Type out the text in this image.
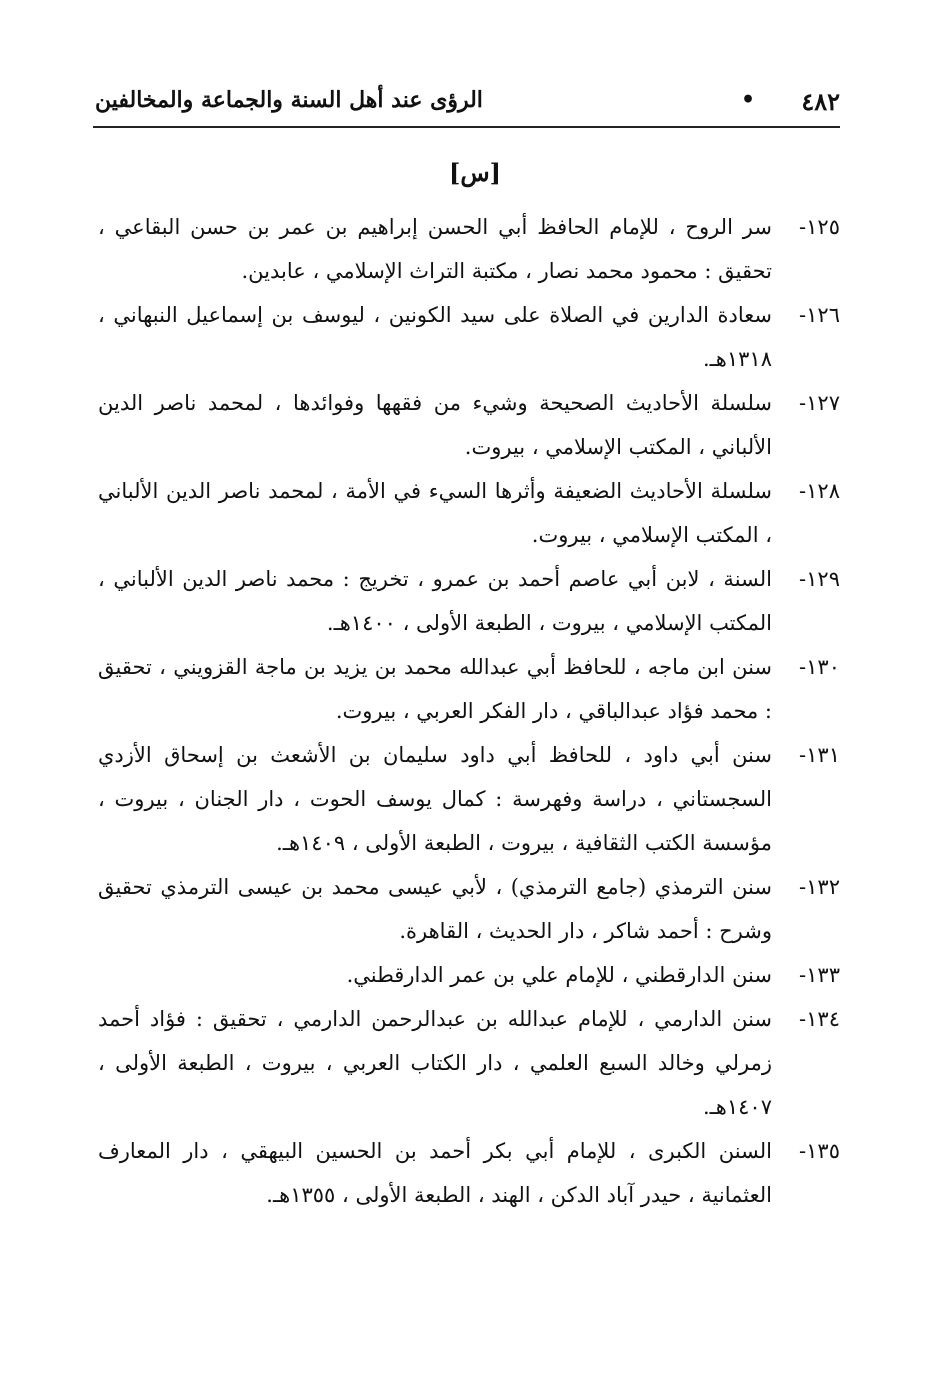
٤٨٢
•
الرؤى عند أهل السنة والجماعة والمخالفين
[س]
١٢٥-
سر الروح ، للإمام الحافظ أبي الحسن إبراهيم بن عمر بن حسن البقاعي ، تحقيق : محمود محمد نصار ، مكتبة التراث الإسلامي ، عابدين.
١٢٦-
سعادة الدارين في الصلاة على سيد الكونين ، ليوسف بن إسماعيل النبهاني ، ١٣١٨هـ.
١٢٧-
سلسلة الأحاديث الصحيحة وشيء من فقهها وفوائدها ، لمحمد ناصر الدين الألباني ، المكتب الإسلامي ، بيروت.
١٢٨-
سلسلة الأحاديث الضعيفة وأثرها السيء في الأمة ، لمحمد ناصر الدين الألباني ، المكتب الإسلامي ، بيروت.
١٢٩-
السنة ، لابن أبي عاصم أحمد بن عمرو ، تخريج : محمد ناصر الدين الألباني ، المكتب الإسلامي ، بيروت ، الطبعة الأولى ، ١٤٠٠هـ.
١٣٠-
سنن ابن ماجه ، للحافظ أبي عبدالله محمد بن يزيد بن ماجة القزويني ، تحقيق : محمد فؤاد عبدالباقي ، دار الفكر العربي ، بيروت.
١٣١-
سنن أبي داود ، للحافظ أبي داود سليمان بن الأشعث بن إسحاق الأزدي السجستاني ، دراسة وفهرسة : كمال يوسف الحوت ، دار الجنان ، بيروت ، مؤسسة الكتب الثقافية ، بيروت ، الطبعة الأولى ، ١٤٠٩هـ.
١٣٢-
سنن الترمذي (جامع الترمذي) ، لأبي عيسى محمد بن عيسى الترمذي تحقيق وشرح : أحمد شاكر ، دار الحديث ، القاهرة.
١٣٣-
سنن الدارقطني ، للإمام علي بن عمر الدارقطني.
١٣٤-
سنن الدارمي ، للإمام عبدالله بن عبدالرحمن الدارمي ، تحقيق : فؤاد أحمد زمرلي وخالد السبع العلمي ، دار الكتاب العربي ، بيروت ، الطبعة الأولى ، ١٤٠٧هـ.
١٣٥-
السنن الكبرى ، للإمام أبي بكر أحمد بن الحسين البيهقي ، دار المعارف العثمانية ، حيدر آباد الدكن ، الهند ، الطبعة الأولى ، ١٣٥٥هـ.
